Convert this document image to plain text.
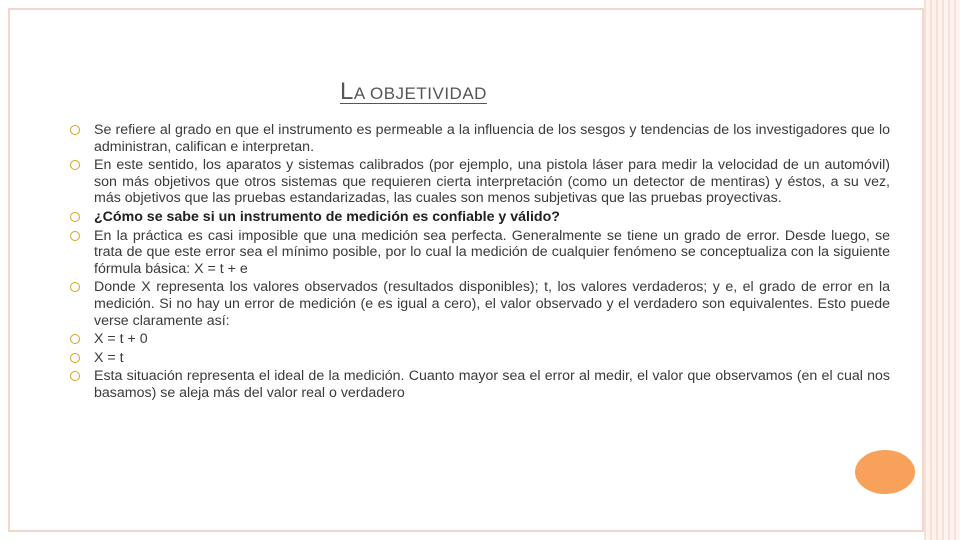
LA OBJETIVIDAD
Se refiere al grado en que el instrumento es permeable a la influencia de los sesgos y tendencias de los investigadores que lo administran, califican e interpretan.
En este sentido, los aparatos y sistemas calibrados (por ejemplo, una pistola láser para medir la velocidad de un automóvil) son más objetivos que otros sistemas que requieren cierta interpretación (como un detector de mentiras) y éstos, a su vez, más objetivos que las pruebas estandarizadas, las cuales son menos subjetivas que las pruebas proyectivas.
¿Cómo se sabe si un instrumento de medición es confiable y válido?
En la práctica es casi imposible que una medición sea perfecta. Generalmente se tiene un grado de error. Desde luego, se trata de que este error sea el mínimo posible, por lo cual la medición de cualquier fenómeno se conceptualiza con la siguiente fórmula básica: X = t + e
Donde X representa los valores observados (resultados disponibles); t, los valores verdaderos; y e, el grado de error en la medición. Si no hay un error de medición (e es igual a cero), el valor observado y el verdadero son equivalentes. Esto puede verse claramente así:
X = t + 0
X = t
Esta situación representa el ideal de la medición. Cuanto mayor sea el error al medir, el valor que observamos (en el cual nos basamos) se aleja más del valor real o verdadero
